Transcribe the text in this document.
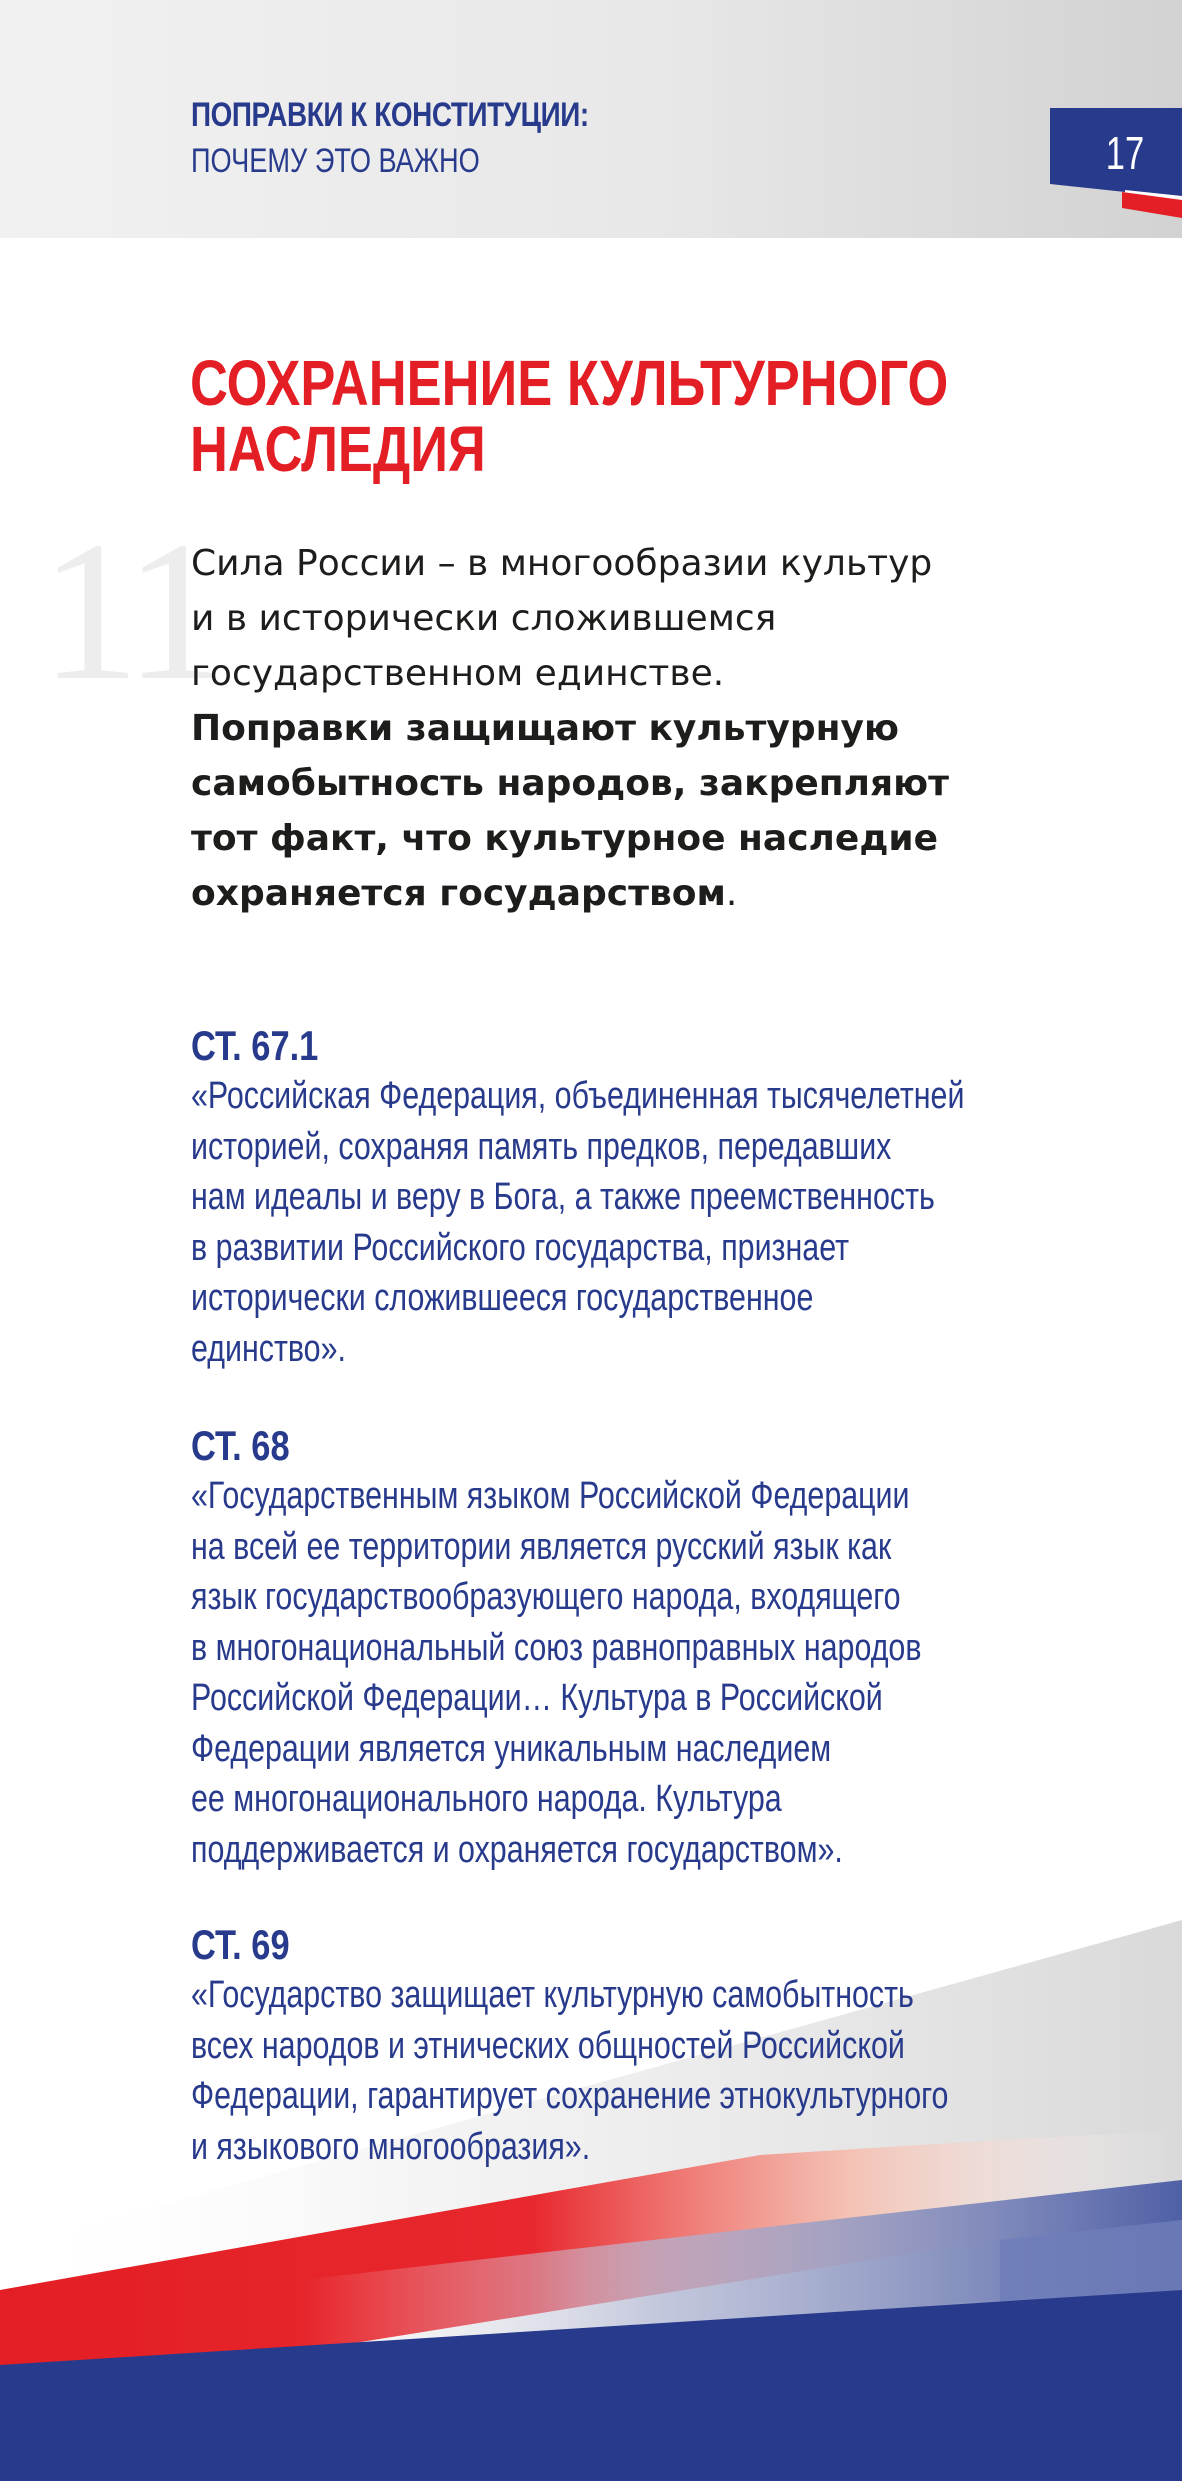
ПОПРАВКИ К КОНСТИТУЦИИ:
ПОЧЕМУ ЭТО ВАЖНО	17
СОХРАНЕНИЕ КУЛЬТУРНОГО
НАСЛЕДИЯ
11
Сила России – в многообразии культур
и в исторически сложившемся
государственном единстве.
Поправки защищают культурную
самобытность народов, закрепляют
тот факт, что культурное наследие
охраняется государством.
СТ. 67.1
«Российская Федерация, объединенная тысячелетней
историей, сохраняя память предков, передавших
нам идеалы и веру в Бога, а также преемственность
в развитии Российского государства, признает
исторически сложившееся государственное
единство».
СТ. 68
«Государственным языком Российской Федерации
на всей ее территории является русский язык как
язык государствообразующего народа, входящего
в многонациональный союз равноправных народов
Российской Федерации… Культура в Российской
Федерации является уникальным наследием
ее многонационального народа. Культура
поддерживается и охраняется государством».
СТ. 69
«Государство защищает культурную самобытность
всех народов и этнических общностей Российской
Федерации, гарантирует сохранение этнокультурного
и языкового многообразия».
